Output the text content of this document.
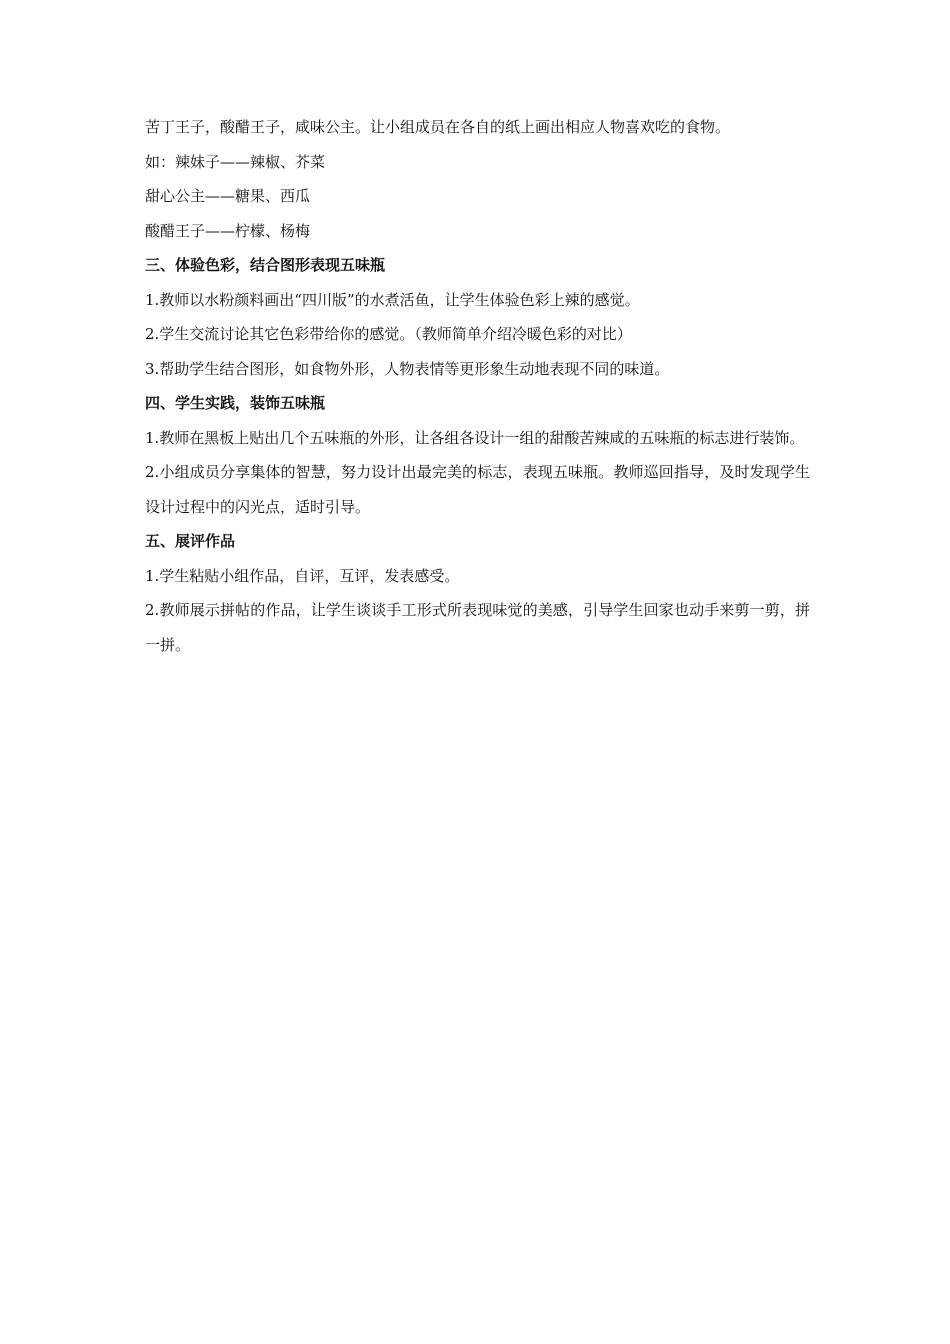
苦丁王子，酸醋王子，咸味公主。让小组成员在各自的纸上画出相应人物喜欢吃的食物。
如：辣妹子——辣椒、芥菜
甜心公主——糖果、西瓜
酸醋王子——柠檬、杨梅
三、体验色彩，结合图形表现五味瓶
1.教师以水粉颜料画出“四川版”的水煮活鱼，让学生体验色彩上辣的感觉。
2.学生交流讨论其它色彩带给你的感觉。（教师简单介绍冷暖色彩的对比）
3.帮助学生结合图形，如食物外形，人物表情等更形象生动地表现不同的味道。
四、学生实践，装饰五味瓶
1.教师在黑板上贴出几个五味瓶的外形，让各组各设计一组的甜酸苦辣咸的五味瓶的标志进行装饰。
2.小组成员分享集体的智慧，努力设计出最完美的标志，表现五味瓶。教师巡回指导，及时发现学生设计过程中的闪光点，适时引导。
五、展评作品
1.学生粘贴小组作品，自评，互评，发表感受。
2.教师展示拼帖的作品，让学生谈谈手工形式所表现味觉的美感，引导学生回家也动手来剪一剪，拼一拼。
